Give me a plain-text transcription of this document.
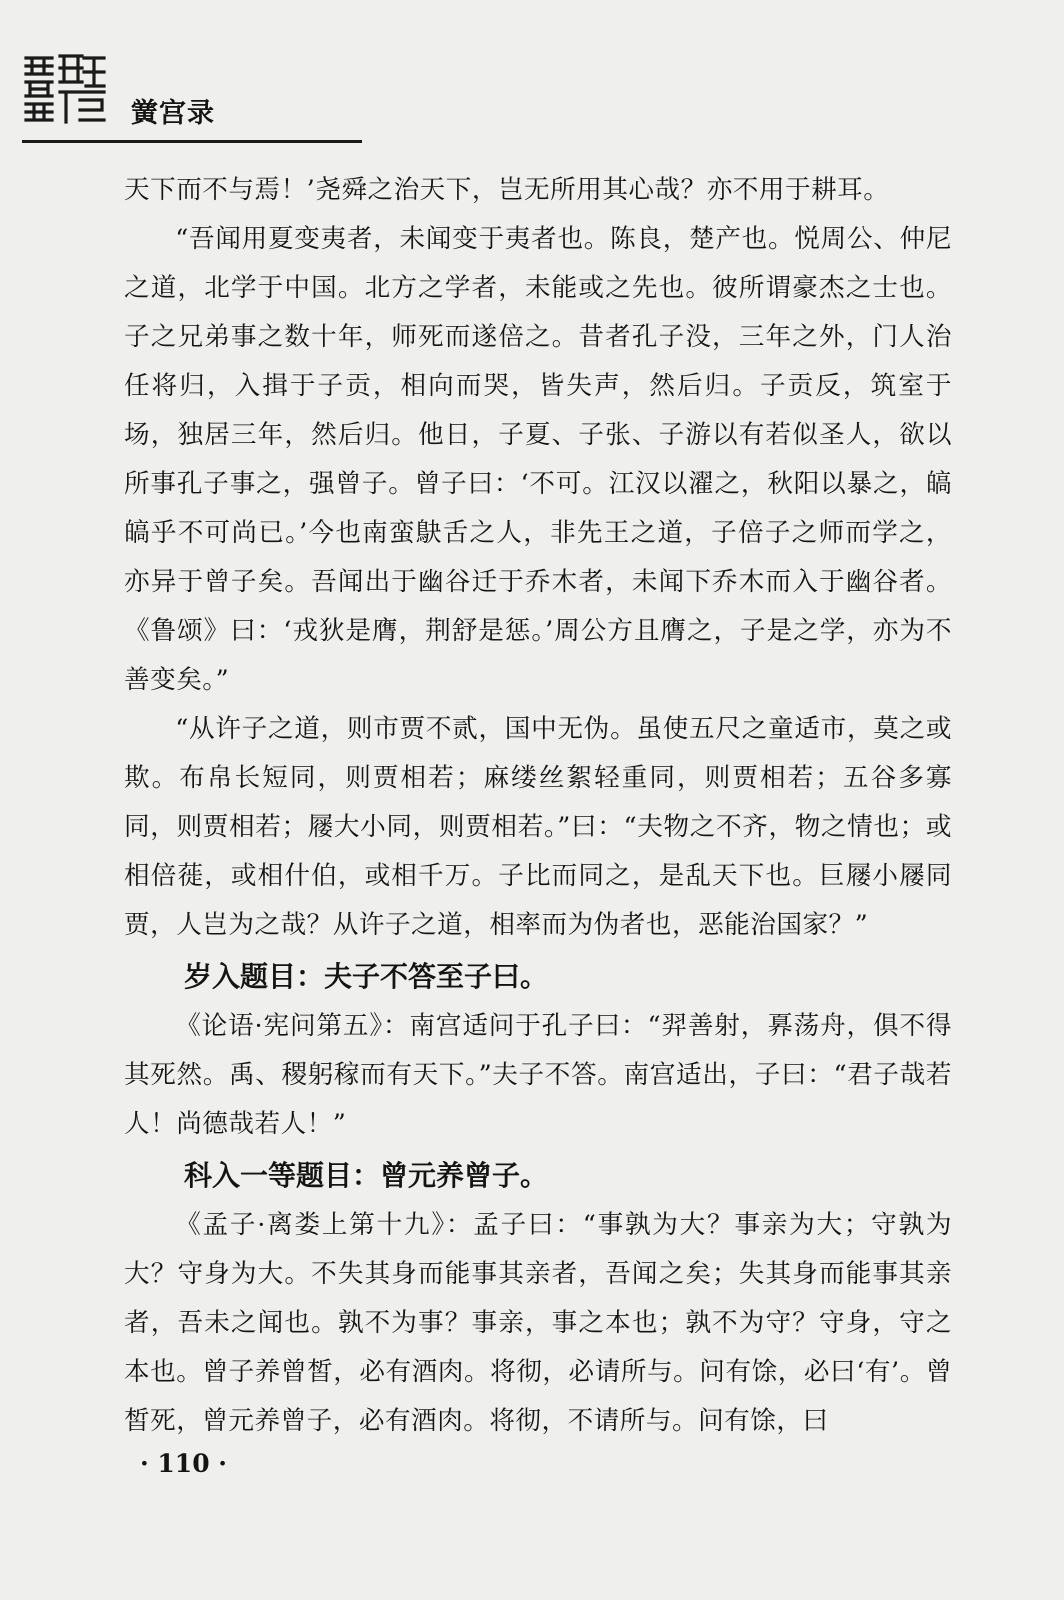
黉宫录

天下而不与焉！’尧舜之治天下，岂无所用其心哉？亦不用于耕耳。

“吾闻用夏变夷者，未闻变于夷者也。陈良，楚产也。悦周公、仲尼之道，北学于中国。北方之学者，未能或之先也。彼所谓豪杰之士也。子之兄弟事之数十年，师死而遂倍之。昔者孔子没，三年之外，门人治任将归，入揖于子贡，相向而哭，皆失声，然后归。子贡反，筑室于场，独居三年，然后归。他日，子夏、子张、子游以有若似圣人，欲以所事孔子事之，强曾子。曾子曰：‘不可。江汉以濯之，秋阳以暴之，皜皜乎不可尚已。’今也南蛮鴃舌之人，非先王之道，子倍子之师而学之，亦异于曾子矣。吾闻出于幽谷迁于乔木者，未闻下乔木而入于幽谷者。《鲁颂》曰：‘戎狄是膺，荆舒是惩。’周公方且膺之，子是之学，亦为不善变矣。”

“从许子之道，则市贾不贰，国中无伪。虽使五尺之童适市，莫之或欺。布帛长短同，则贾相若；麻缕丝絮轻重同，则贾相若；五谷多寡同，则贾相若；屦大小同，则贾相若。”曰：“夫物之不齐，物之情也；或相倍蓰，或相什伯，或相千万。子比而同之，是乱天下也。巨屦小屦同贾，人岂为之哉？从许子之道，相率而为伪者也，恶能治国家？”

岁入题目：夫子不答至子曰。

《论语·宪问第五》：南宫适问于孔子曰：“羿善射，奡荡舟，俱不得其死然。禹、稷躬稼而有天下。”夫子不答。南宫适出，子曰：“君子哉若人！尚德哉若人！”

科入一等题目：曾元养曾子。

《孟子·离娄上第十九》：孟子曰：“事孰为大？事亲为大；守孰为大？守身为大。不失其身而能事其亲者，吾闻之矣；失其身而能事其亲者，吾未之闻也。孰不为事？事亲，事之本也；孰不为守？守身，守之本也。曾子养曾皙，必有酒肉。将彻，必请所与。问有馀，必曰‘有’。曾皙死，曾元养曾子，必有酒肉。将彻，不请所与。问有馀，曰

· 110 ·
